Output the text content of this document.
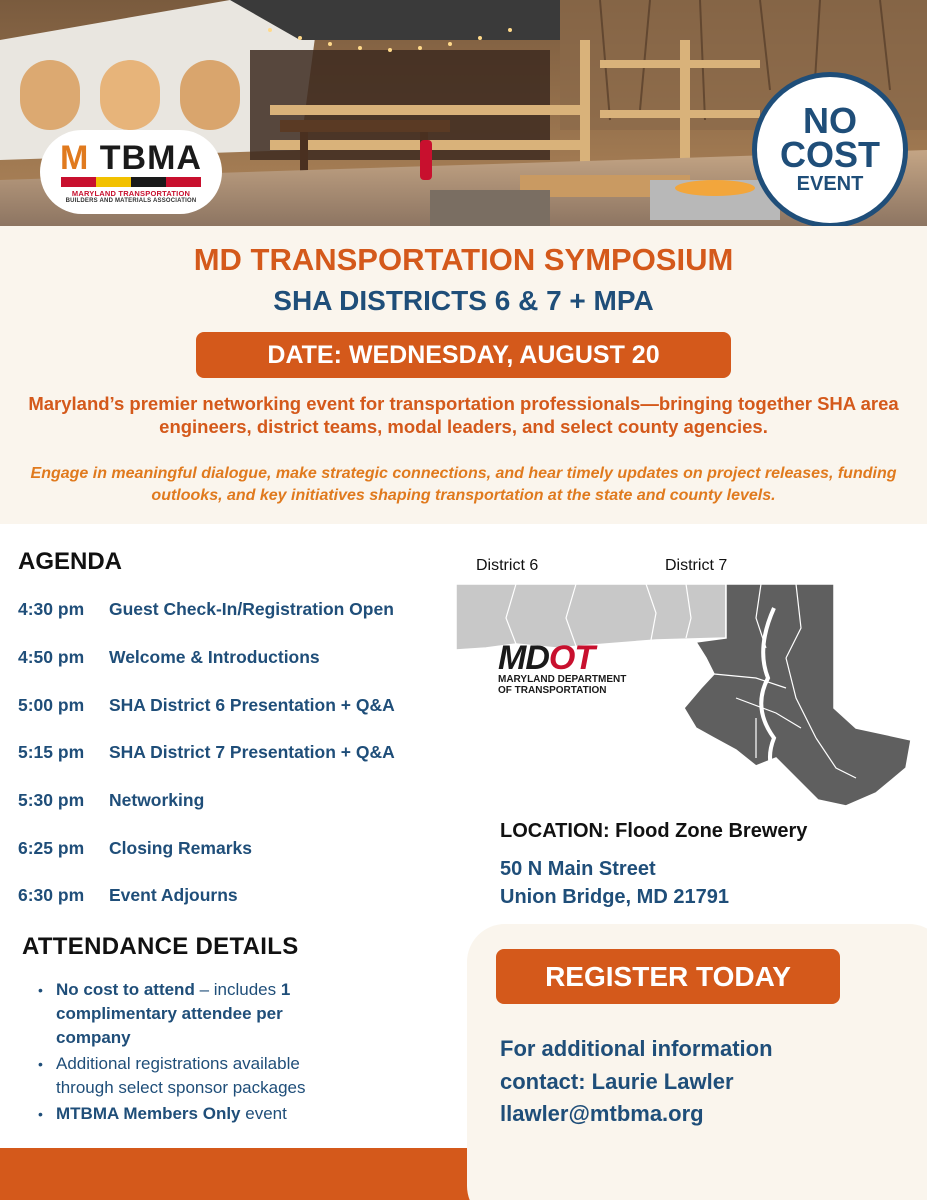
M TBMA
MARYLAND TRANSPORTATION
BUILDERS AND MATERIALS ASSOCIATION
NO
COST
EVENT
MD TRANSPORTATION SYMPOSIUM
SHA DISTRICTS 6 & 7 + MPA
DATE: WEDNESDAY, AUGUST 20
Maryland’s premier networking event for transportation professionals—bringing together SHA area engineers, district teams, modal leaders, and select county agencies.
Engage in meaningful dialogue, make strategic connections, and hear timely updates on project releases, funding outlooks, and key initiatives shaping transportation at the state and county levels.
AGENDA
4:30 pm Guest Check-In/Registration Open
4:50 pm Welcome & Introductions
5:00 pm SHA District 6 Presentation + Q&A
5:15 pm SHA District 7 Presentation + Q&A
5:30 pm Networking
6:25 pm Closing Remarks
6:30 pm Event Adjourns
District 6	District 7
MDOT
MARYLAND DEPARTMENT
OF TRANSPORTATION
LOCATION: Flood Zone Brewery
50 N Main Street
Union Bridge, MD 21791
ATTENDANCE DETAILS
• No cost to attend – includes 1 complimentary attendee per company
• Additional registrations available through select sponsor packages
• MTBMA Members Only event
REGISTER TODAY
For additional information
contact: Laurie Lawler
llawler@mtbma.org
